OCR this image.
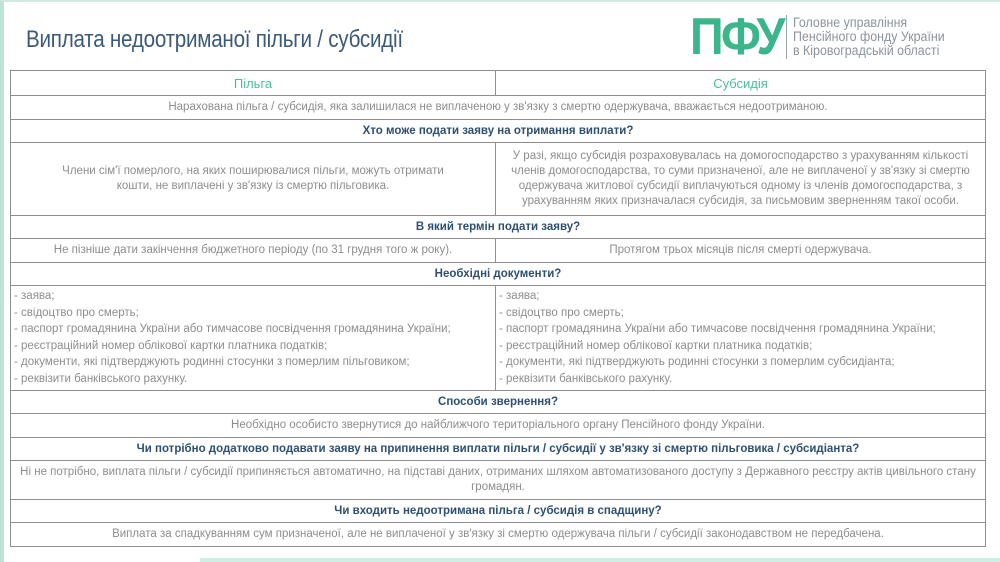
Виплата недоотриманої пільги / субсидії	ПФУ Головне управління
Пенсійного фонду України
в Кіровоградській області
Пільга	Субсидія
Нарахована пільга / субсидія, яка залишилася не виплаченою у зв'язку з смертю одержувача, вважається недоотриманою.	
Хто може подати заяву на отримання виплати?	
Члени сім'ї померлого, на яких поширювалися пільги, можуть отримати кошти, не виплачені у зв'язку із смертю пільговика.	У разі, якщо субсидія розраховувалась на домогосподарство з урахуванням кількості членів домогосподарства, то суми призначеної, але не виплаченої у зв'язку зі смертю одержувача житлової субсидії виплачуються одному із членів домогосподарства, з урахуванням яких призначалася субсидія, за письмовим зверненням такої особи.
В який термін подати заяву?	
Не пізніше дати закінчення бюджетного періоду (по 31 грудня того ж року).	Протягом трьох місяців після смерті одержувача.
Необхідні документи?	

- заява;
- свідоцтво про смерть;
- паспорт громадянина України або тимчасове посвідчення громадянина України;
- реєстраційний номер облікової картки платника податків;
- документи, які підтверджують родинні стосунки з померлим пільговиком;
- реквізити банківського рахунку.

- заява;
- свідоцтво про смерть;
- паспорт громадянина України або тимчасове посвідчення громадянина України;
- реєстраційний номер облікової картки платника податків;
- документи, які підтверджують родинні стосунки з померлим субсидіанта;
- реквізити банківського рахунку.

Способи звернення?	
Необхідно особисто звернутися до найближчого територіального органу Пенсійного фонду України.	
Чи потрібно додатково подавати заяву на припинення виплати пільги / субсидії у зв'язку зі смертю пільговика / субсидіанта?	
Ні не потрібно, виплата пільги / субсидії припиняється автоматично, на підставі даних, отриманих шляхом автоматизованого доступу з Державного реєстру актів цивільного стану громадян.	
Чи входить недоотримана пільга / субсидія в спадщину?	
Виплата за спадкуванням сум призначеної, але не виплаченої у зв'язку зі смертю одержувача пільги / субсидії законодавством не передбачена.	
